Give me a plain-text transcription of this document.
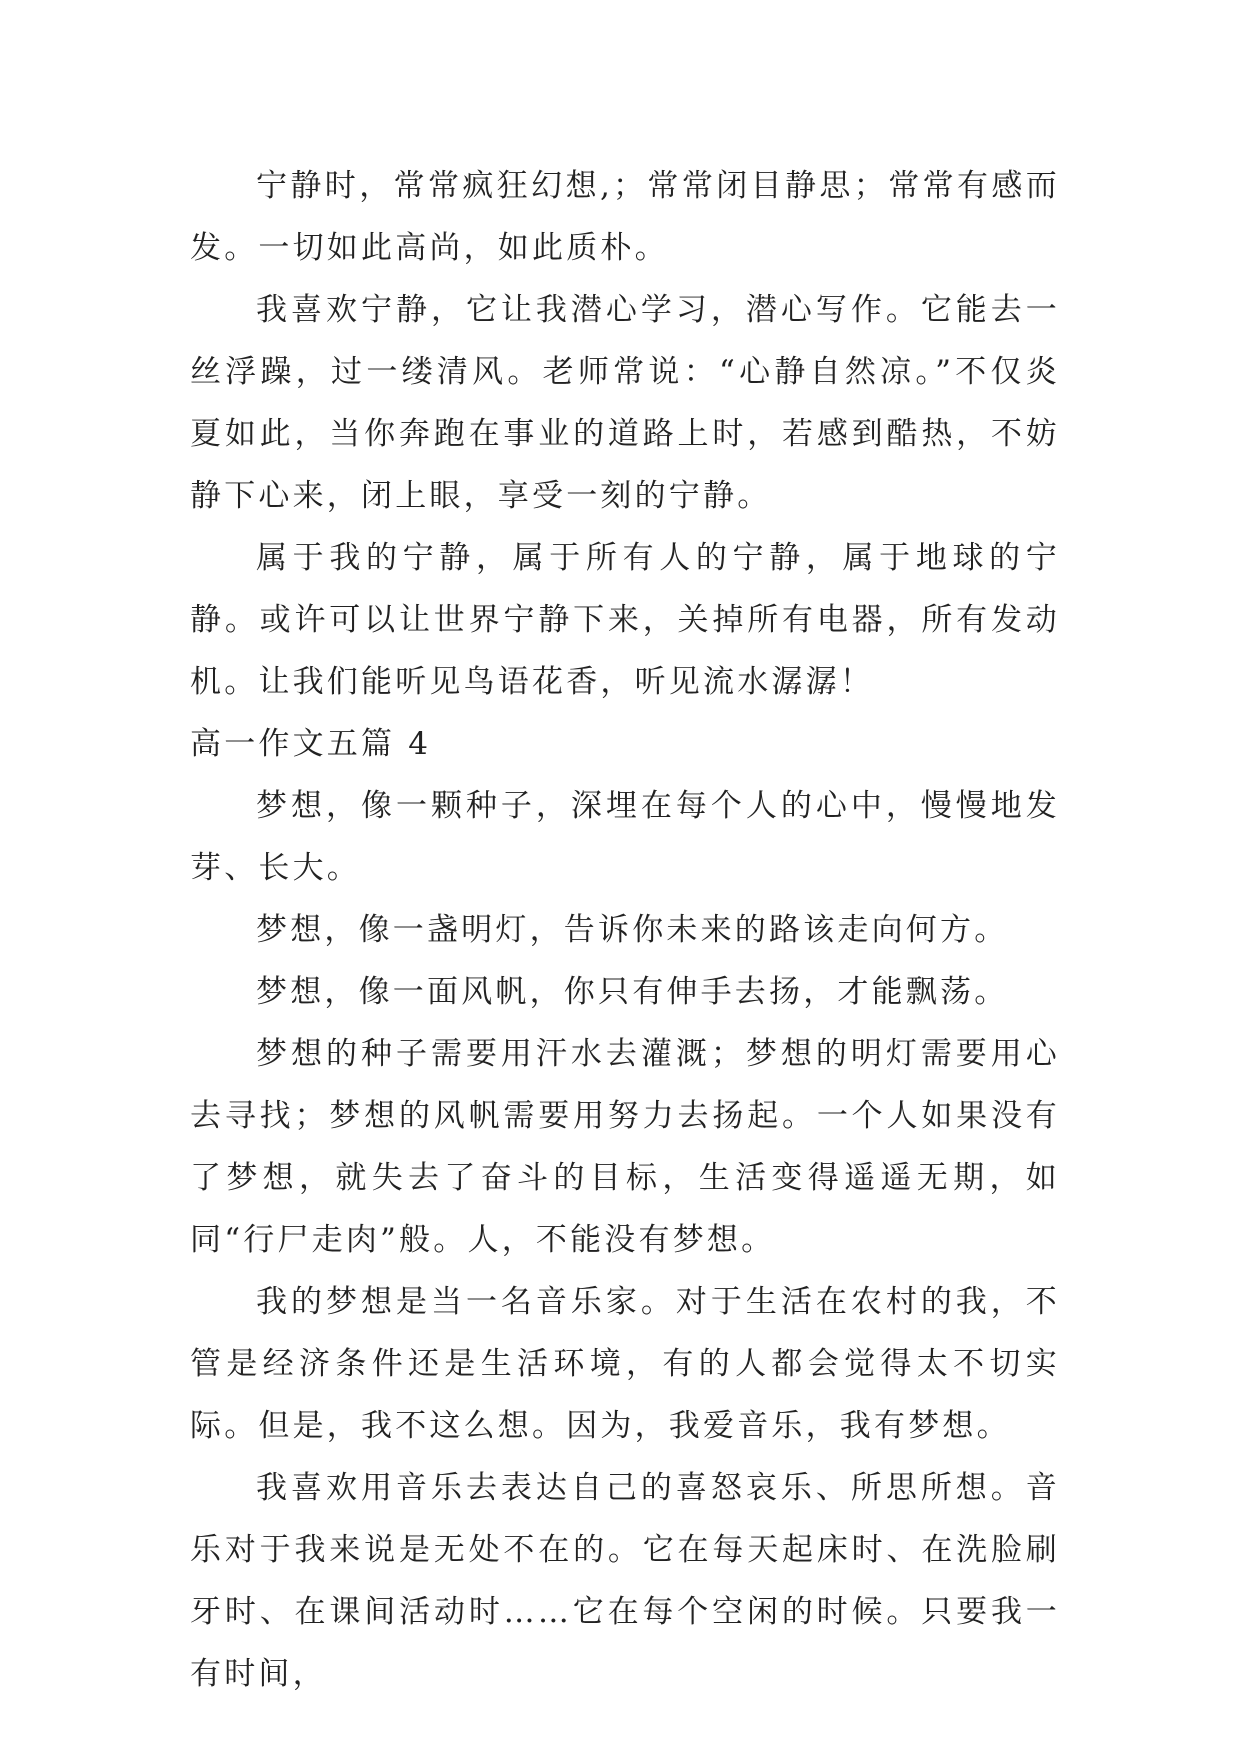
宁静时，常常疯狂幻想,；常常闭目静思；常常有感而发。一切如此高尚，如此质朴。

我喜欢宁静，它让我潜心学习，潜心写作。它能去一丝浮躁，过一缕清风。老师常说：“心静自然凉。”不仅炎夏如此，当你奔跑在事业的道路上时，若感到酷热，不妨静下心来，闭上眼，享受一刻的宁静。

属于我的宁静，属于所有人的宁静，属于地球的宁静。或许可以让世界宁静下来，关掉所有电器，所有发动机。让我们能听见鸟语花香，听见流水潺潺！

高一作文五篇 4

梦想，像一颗种子，深埋在每个人的心中，慢慢地发芽、长大。

梦想，像一盏明灯，告诉你未来的路该走向何方。

梦想，像一面风帆，你只有伸手去扬，才能飘荡。

梦想的种子需要用汗水去灌溉；梦想的明灯需要用心去寻找；梦想的风帆需要用努力去扬起。一个人如果没有了梦想，就失去了奋斗的目标，生活变得遥遥无期，如同“行尸走肉”般。人，不能没有梦想。

我的梦想是当一名音乐家。对于生活在农村的我，不管是经济条件还是生活环境，有的人都会觉得太不切实际。但是，我不这么想。因为，我爱音乐，我有梦想。

我喜欢用音乐去表达自己的喜怒哀乐、所思所想。音乐对于我来说是无处不在的。它在每天起床时、在洗脸刷牙时、在课间活动时……它在每个空闲的时候。只要我一有时间，
